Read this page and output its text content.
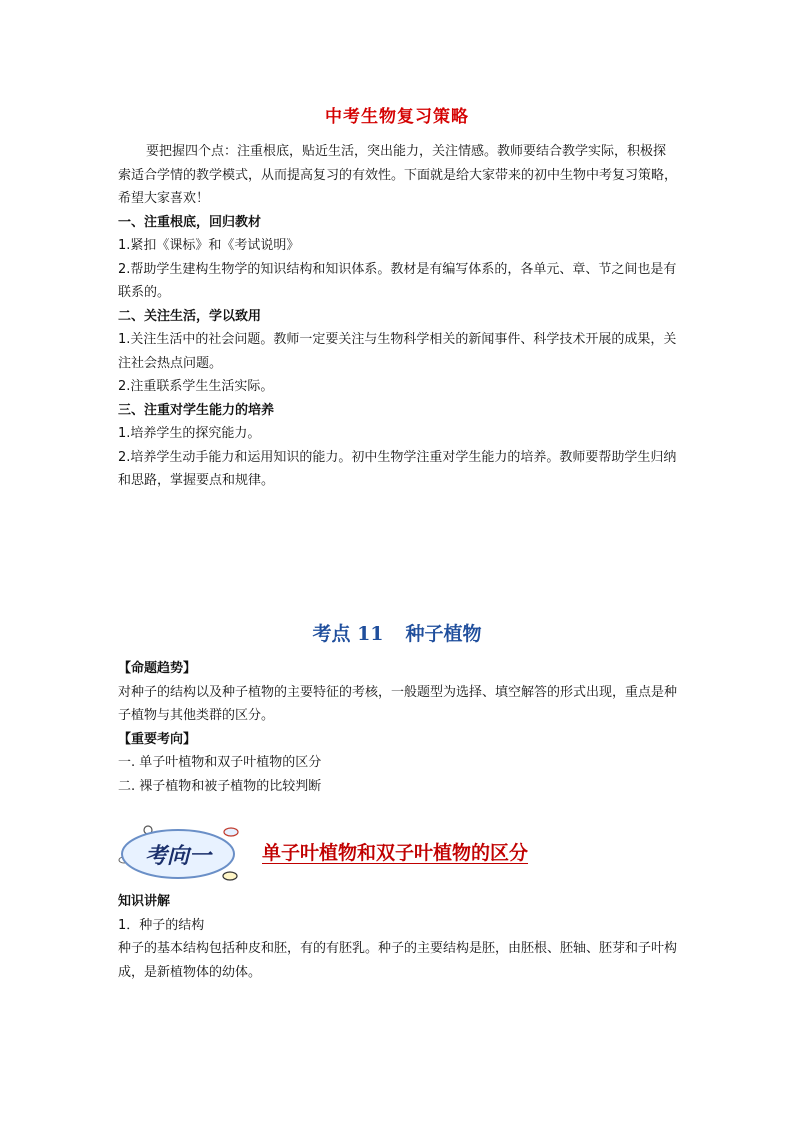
中考生物复习策略

要把握四个点：注重根底，贴近生活，突出能力，关注情感。教师要结合教学实际，积极探索适合学情的教学模式，从而提高复习的有效性。下面就是给大家带来的初中生物中考复习策略，希望大家喜欢！

一、注重根底，回归教材

1.紧扣《课标》和《考试说明》

2.帮助学生建构生物学的知识结构和知识体系。教材是有编写体系的，各单元、章、节之间也是有联系的。

二、关注生活，学以致用

1.关注生活中的社会问题。教师一定要关注与生物科学相关的新闻事件、科学技术开展的成果，关注社会热点问题。

2.注重联系学生生活实际。

三、注重对学生能力的培养

1.培养学生的探究能力。

2.培养学生动手能力和运用知识的能力。初中生物学注重对学生能力的培养。教师要帮助学生归纳和思路，掌握要点和规律。

考点 11 种子植物

【命题趋势】

对种子的结构以及种子植物的主要特征的考核，一般题型为选择、填空解答的形式出现，重点是种子植物与其他类群的区分。

【重要考向】

一. 单子叶植物和双子叶植物的区分

二. 裸子植物和被子植物的比较判断

考向一	单子叶植物和双子叶植物的区分

知识讲解

1．种子的结构

种子的基本结构包括种皮和胚，有的有胚乳。种子的主要结构是胚，由胚根、胚轴、胚芽和子叶构成，是新植物体的幼体。
